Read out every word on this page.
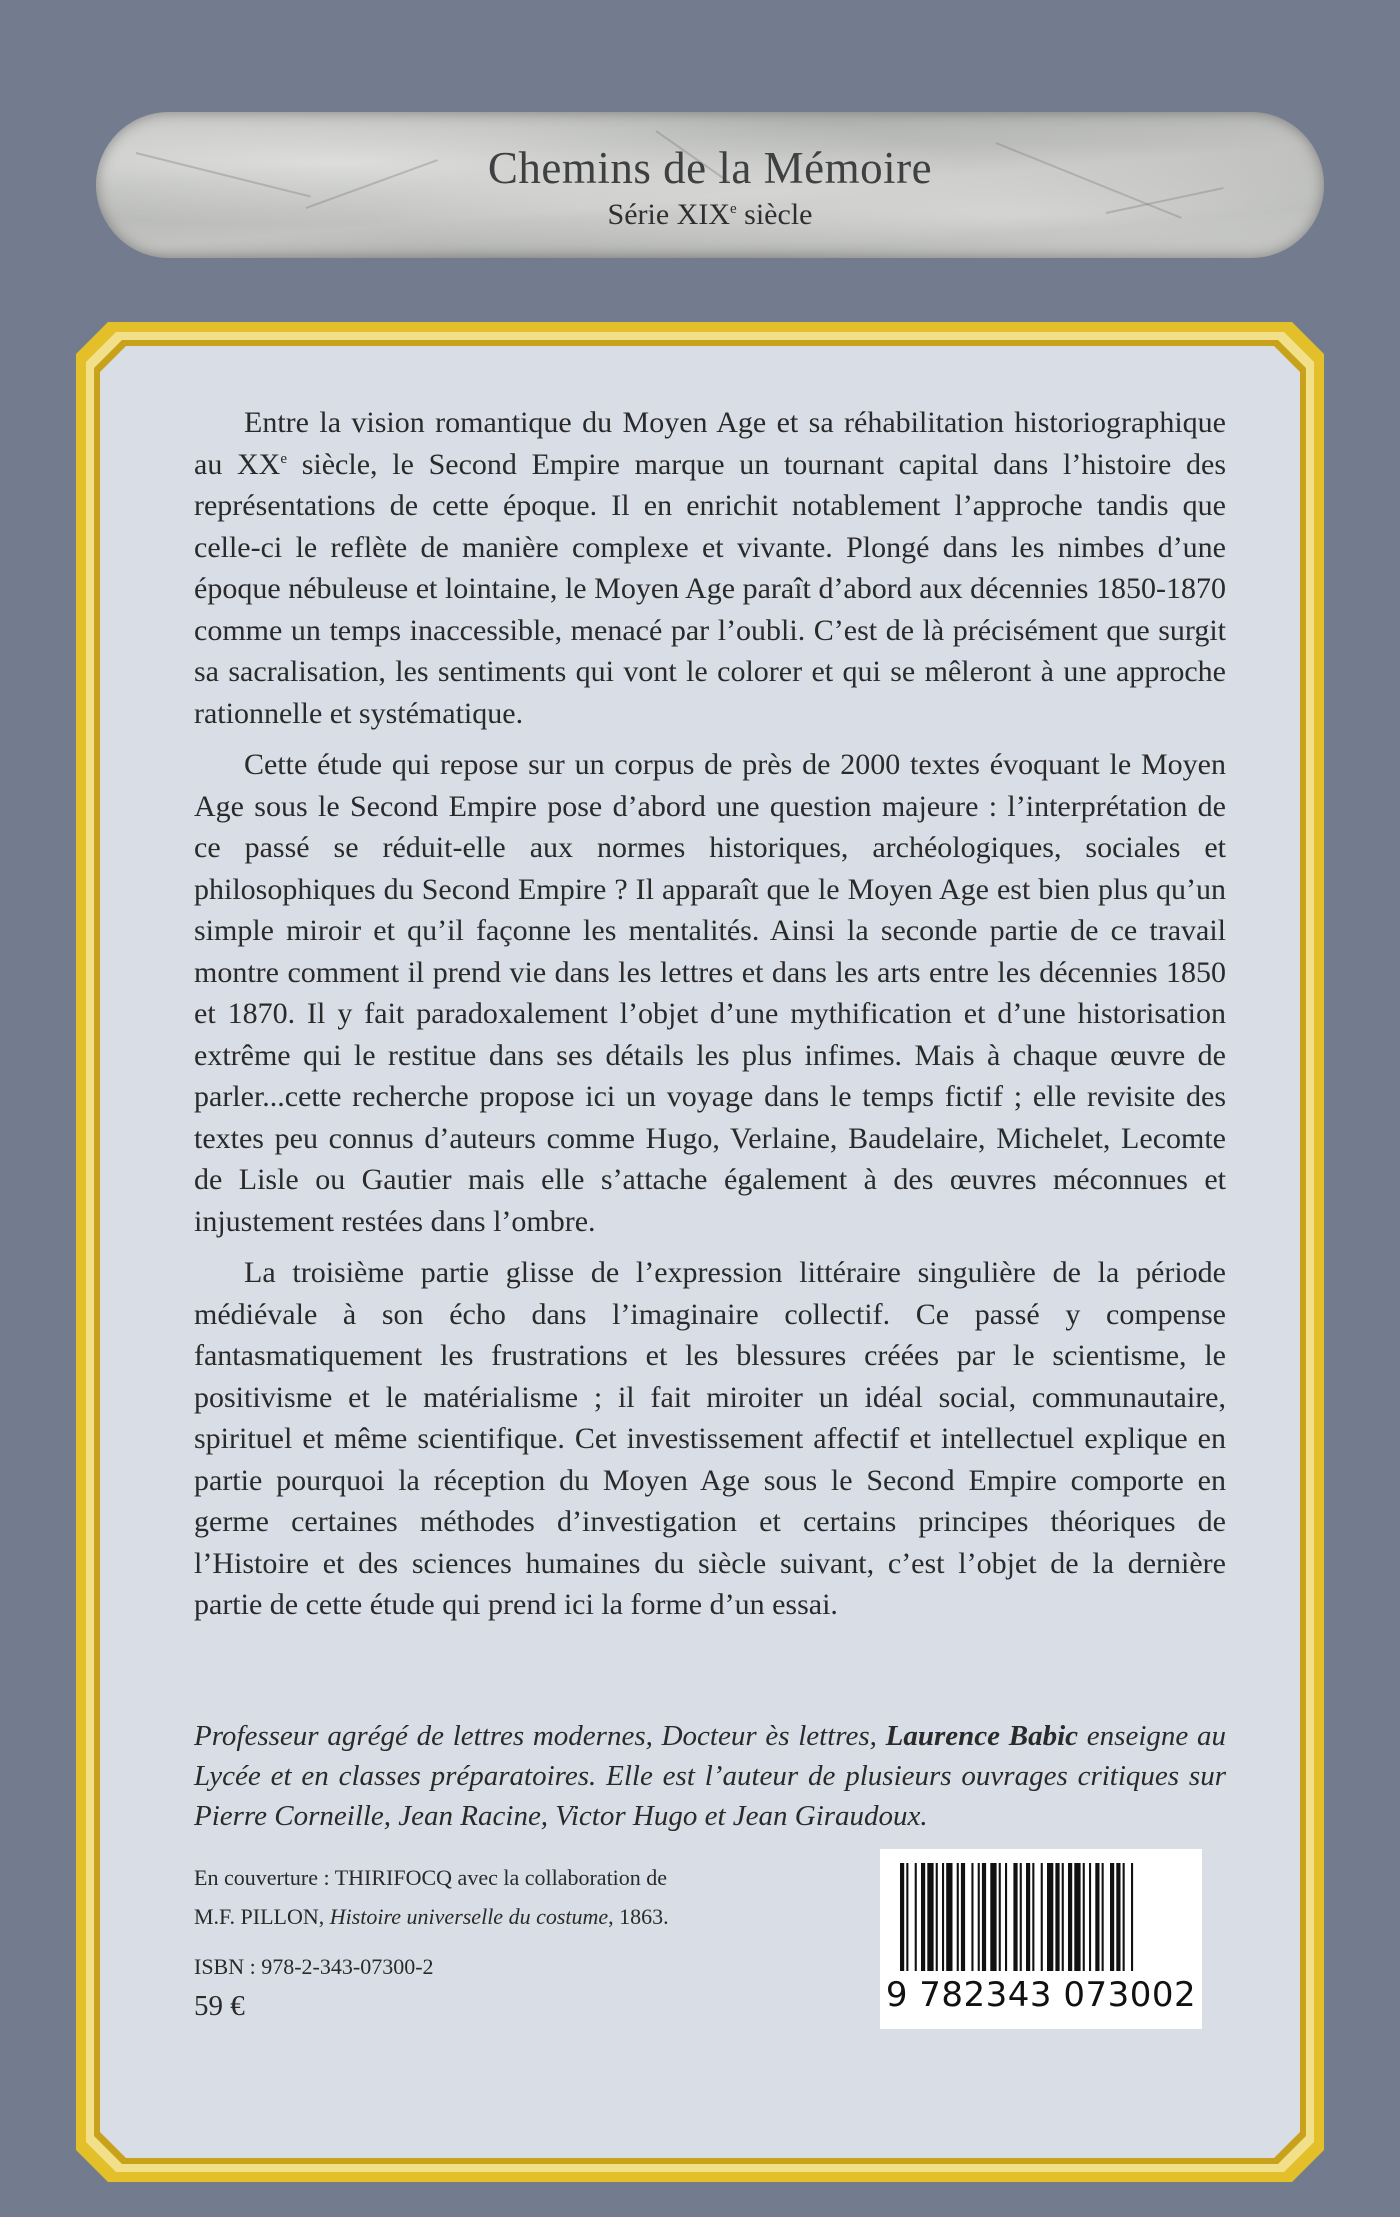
Chemins de la Mémoire
Série XIXe siècle

Entre la vision romantique du Moyen Age et sa réhabilitation historiographique au XXe siècle, le Second Empire marque un tournant capital dans l’histoire des représentations de cette époque. Il en enrichit notablement l’approche tandis que celle-ci le reflète de manière complexe et vivante. Plongé dans les nimbes d’une époque nébuleuse et lointaine, le Moyen Age paraît d’abord aux décennies 1850-1870 comme un temps inaccessible, menacé par l’oubli. C’est de là précisément que surgit sa sacralisation, les sentiments qui vont le colorer et qui se mêleront à une approche rationnelle et systématique.

Cette étude qui repose sur un corpus de près de 2000 textes évoquant le Moyen Age sous le Second Empire pose d’abord une question majeure : l’interprétation de ce passé se réduit-elle aux normes historiques, archéologiques, sociales et philosophiques du Second Empire ? Il apparaît que le Moyen Age est bien plus qu’un simple miroir et qu’il façonne les mentalités. Ainsi la seconde partie de ce travail montre comment il prend vie dans les lettres et dans les arts entre les décennies 1850 et 1870. Il y fait paradoxalement l’objet d’une mythification et d’une historisation extrême qui le restitue dans ses détails les plus infimes. Mais à chaque œuvre de parler...cette recherche propose ici un voyage dans le temps fictif ; elle revisite des textes peu connus d’auteurs comme Hugo, Verlaine, Baudelaire, Michelet, Lecomte de Lisle ou Gautier mais elle s’attache également à des œuvres méconnues et injustement restées dans l’ombre.

La troisième partie glisse de l’expression littéraire singulière de la période médiévale à son écho dans l’imaginaire collectif. Ce passé y compense fantasmatiquement les frustrations et les blessures créées par le scientisme, le positivisme et le matérialisme ; il fait miroiter un idéal social, communautaire, spirituel et même scientifique. Cet investissement affectif et intellectuel explique en partie pourquoi la réception du Moyen Age sous le Second Empire comporte en germe certaines méthodes d’investigation et certains principes théoriques de l’Histoire et des sciences humaines du siècle suivant, c’est l’objet de la dernière partie de cette étude qui prend ici la forme d’un essai.

Professeur agrégé de lettres modernes, Docteur ès lettres, Laurence Babic enseigne au Lycée et en classes préparatoires. Elle est l’auteur de plusieurs ouvrages critiques sur Pierre Corneille, Jean Racine, Victor Hugo et Jean Giraudoux.
En couverture : THIRIFOCQ avec la collaboration de M.F. PILLON, Histoire universelle du costume, 1863.
ISBN : 978-2-343-07300-2
59 €	9 782343 073002
